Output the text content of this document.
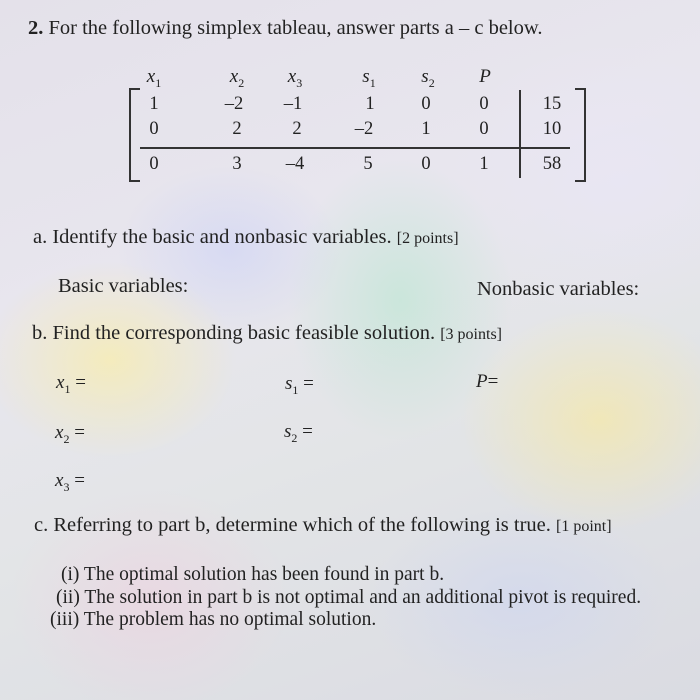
2. For the following simplex tableau, answer parts a – c below.
$x_1$	$x_2$	$x_3$	$s_1$	$s_2$	P
1	–2	–1	1	0	0	15
0	2	2	–2	1	0	10
0	3	–4	5	0	1	58
a. Identify the basic and nonbasic variables. [2 points]
Basic variables:	Nonbasic variables:
b. Find the corresponding basic feasible solution. [3 points]
$x_1$ =
$x_2$ =
$x_3$ =
$s_1$ =
$s_2$ =
P=
c. Referring to part b, determine which of the following is true. [1 point]
(i) The optimal solution has been found in part b.
(ii) The solution in part b is not optimal and an additional pivot is required.
(iii) The problem has no optimal solution.
